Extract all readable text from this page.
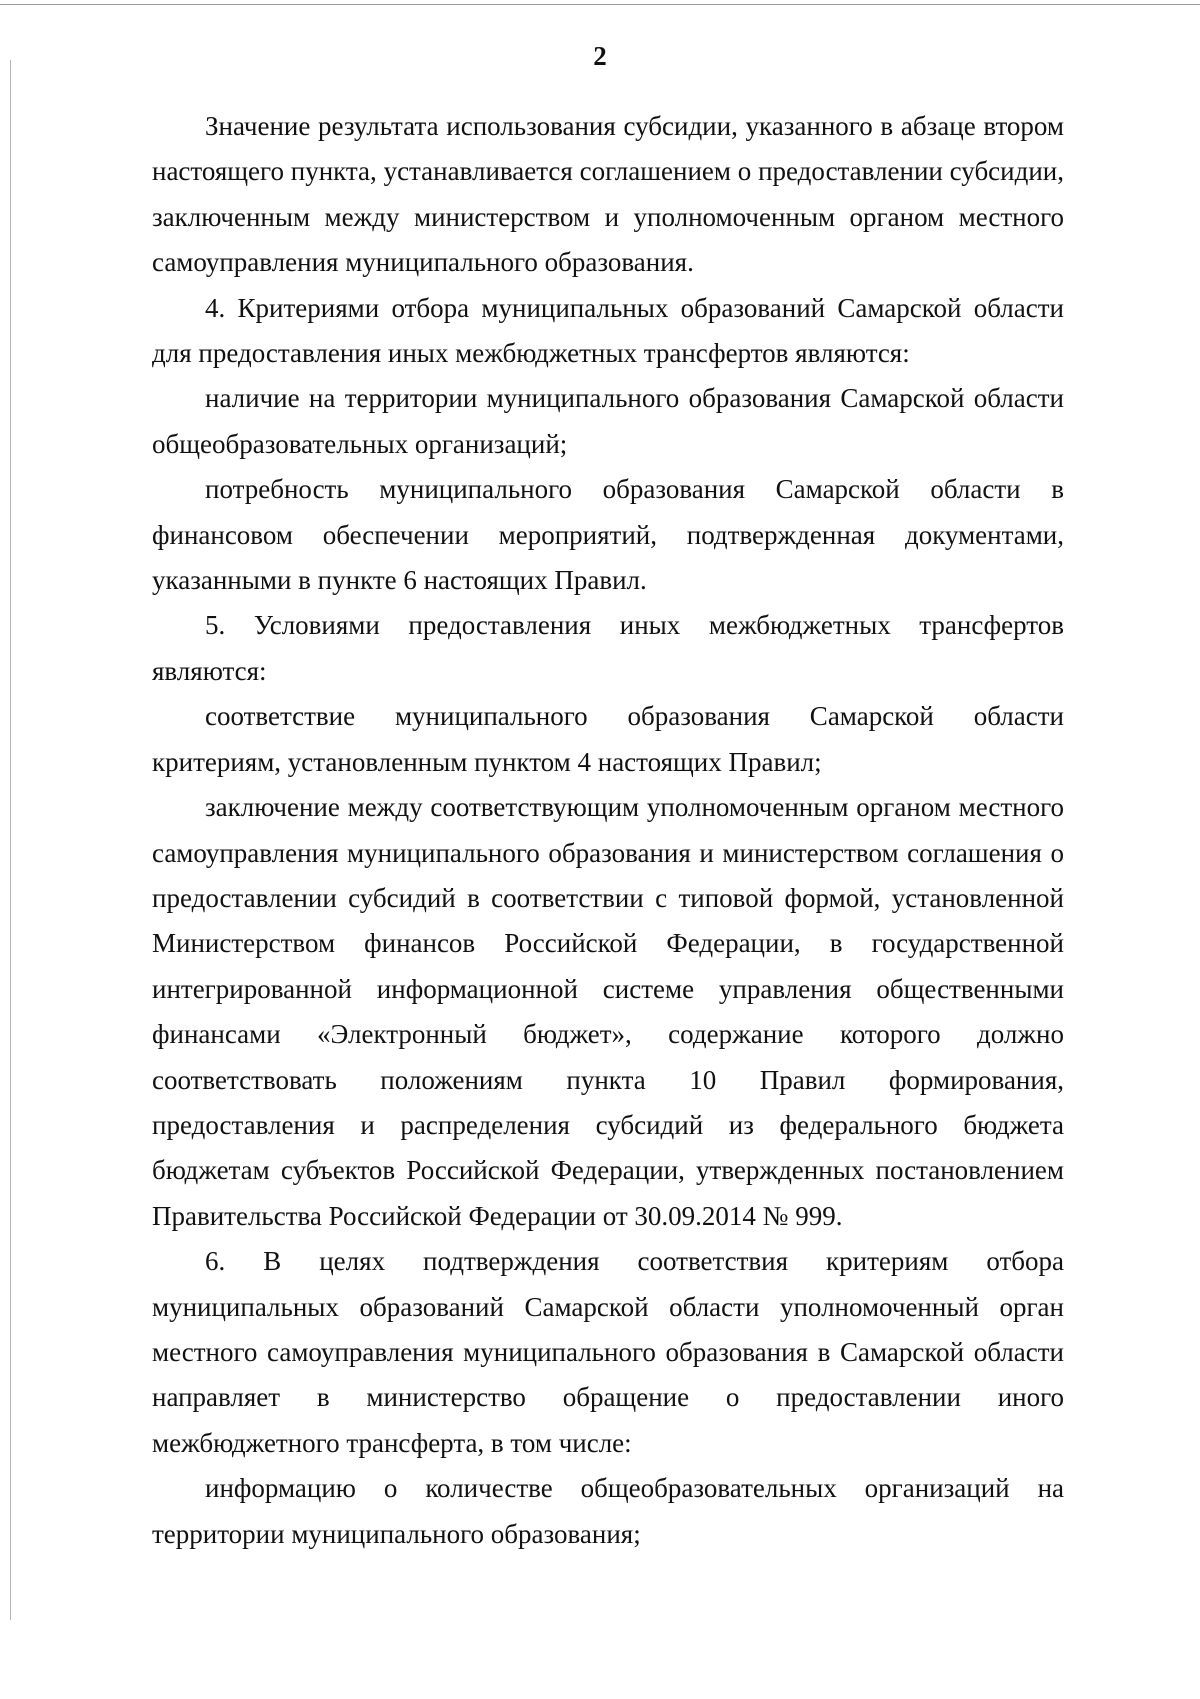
2

Значение результата использования субсидии, указанного в абзаце втором настоящего пункта, устанавливается соглашением о предоставлении субсидии, заключенным между министерством и уполномоченным органом местного самоуправления муниципального образования.

4. Критериями отбора муниципальных образований Самарской области для предоставления иных межбюджетных трансфертов являются:

наличие на территории муниципального образования Самарской области общеобразовательных организаций;

потребность муниципального образования Самарской области в финансовом обеспечении мероприятий, подтвержденная документами, указанными в пункте 6 настоящих Правил.

5. Условиями предоставления иных межбюджетных трансфертов являются:

соответствие муниципального образования Самарской области критериям, установленным пунктом 4 настоящих Правил;

заключение между соответствующим уполномоченным органом местного самоуправления муниципального образования и министерством соглашения о предоставлении субсидий в соответствии с типовой формой, установленной Министерством финансов Российской Федерации, в государственной интегрированной информационной системе управления общественными финансами «Электронный бюджет», содержание которого должно соответствовать положениям пункта 10 Правил формирования, предоставления и распределения субсидий из федерального бюджета бюджетам субъектов Российской Федерации, утвержденных постановлением Правительства Российской Федерации от 30.09.2014 № 999.

6. В целях подтверждения соответствия критериям отбора муниципальных образований Самарской области уполномоченный орган местного самоуправления муниципального образования в Самарской области направляет в министерство обращение о предоставлении иного межбюджетного трансферта, в том числе:

информацию о количестве общеобразовательных организаций на территории муниципального образования;
